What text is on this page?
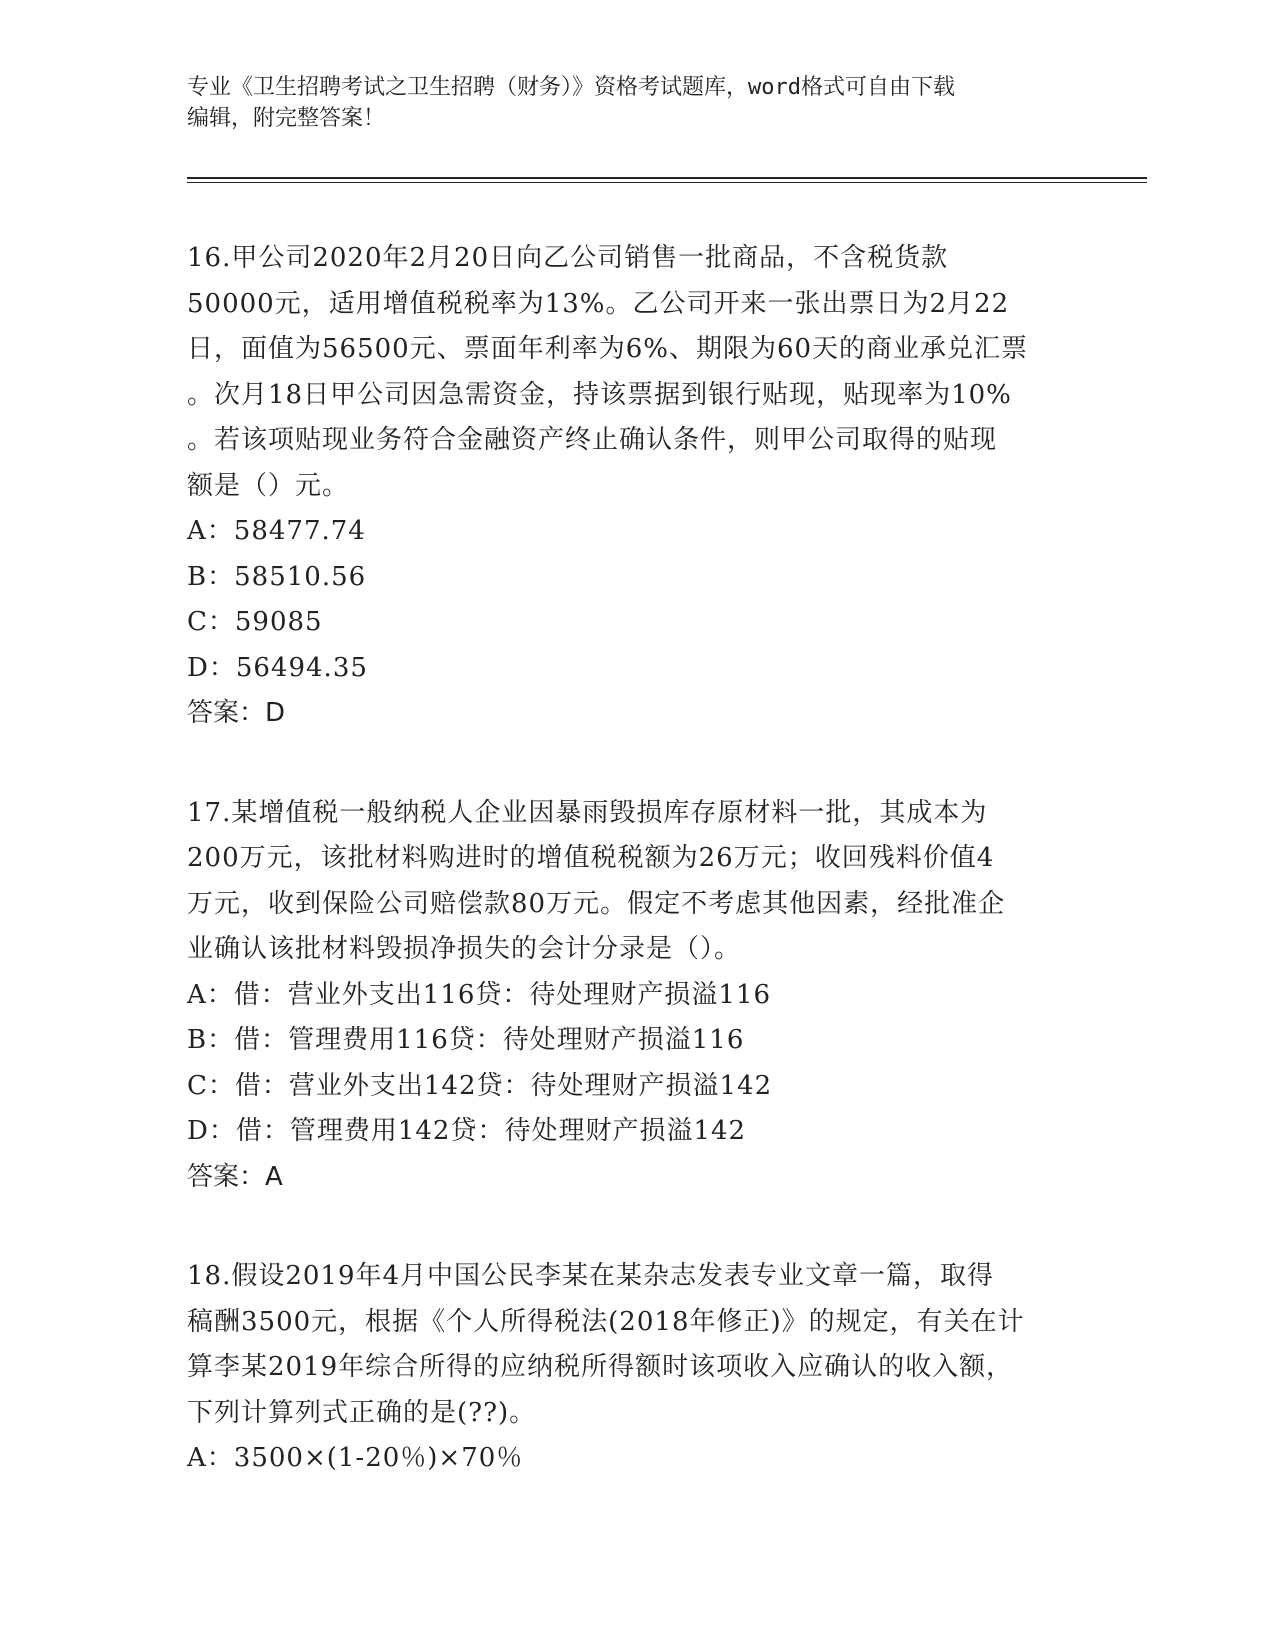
专业《卫生招聘考试之卫生招聘（财务）》资格考试题库，word格式可自由下载
编辑，附完整答案！
16.甲公司2020年2月20日向乙公司销售一批商品，不含税货款
50000元，适用增值税税率为13%。乙公司开来一张出票日为2月22
日，面值为56500元、票面年利率为6%、期限为60天的商业承兑汇票
。次月18日甲公司因急需资金，持该票据到银行贴现，贴现率为10%
。若该项贴现业务符合金融资产终止确认条件，则甲公司取得的贴现
额是（）元。
A：58477.74
B：58510.56
C：59085
D：56494.35
答案：D
17.某增值税一般纳税人企业因暴雨毁损库存原材料一批，其成本为
200万元，该批材料购进时的增值税税额为26万元；收回残料价值4
万元，收到保险公司赔偿款80万元。假定不考虑其他因素，经批准企
业确认该批材料毁损净损失的会计分录是（）。
A：借：营业外支出116贷：待处理财产损溢116
B：借：管理费用116贷：待处理财产损溢116
C：借：营业外支出142贷：待处理财产损溢142
D：借：管理费用142贷：待处理财产损溢142
答案：A
18.假设2019年4月中国公民李某在某杂志发表专业文章一篇，取得
稿酬3500元，根据《个人所得税法(2018年修正)》的规定，有关在计
算李某2019年综合所得的应纳税所得额时该项收入应确认的收入额，
下列计算列式正确的是(??)。
A：3500×(1-20％)×70％
